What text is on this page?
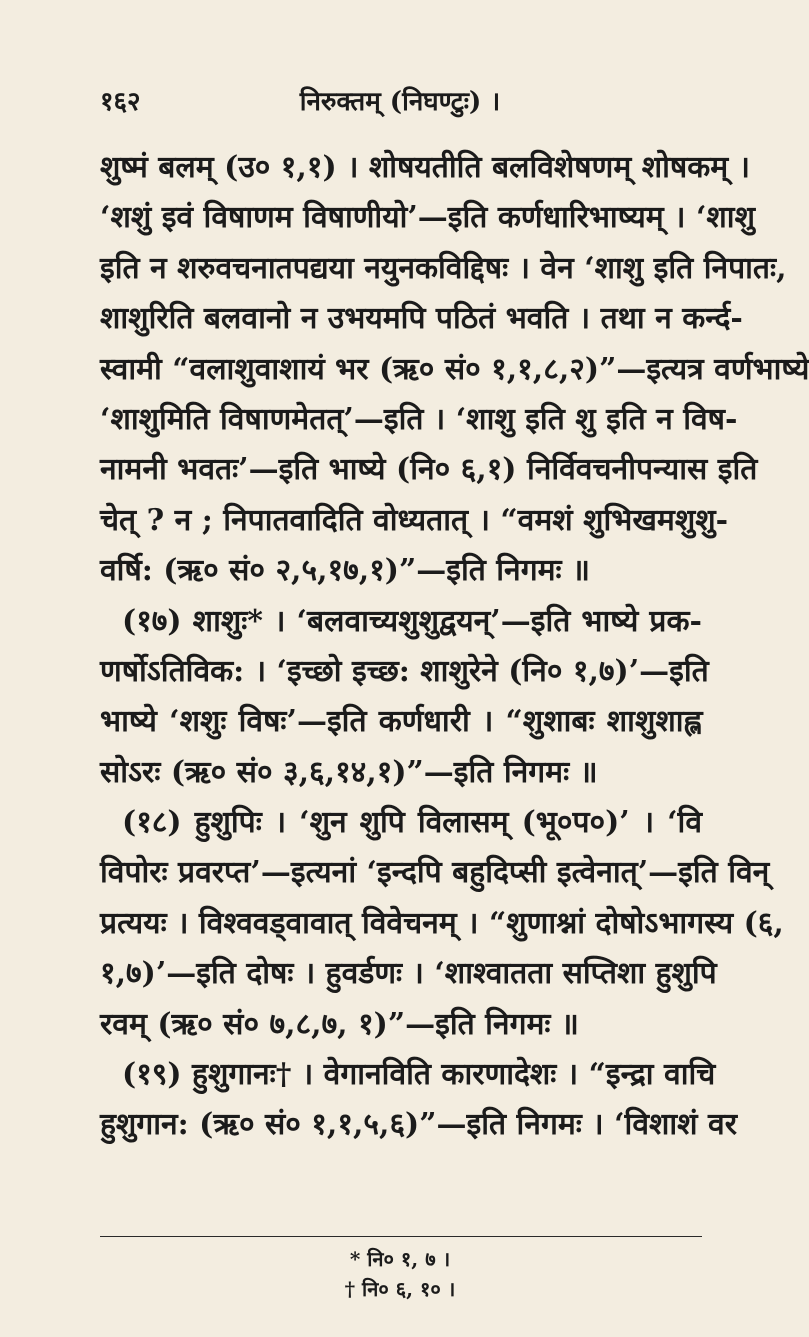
१६२	निरुक्तम् (निघण्टुः) ।
शुष्मं बलम् (उ० १,१) । शोषयतीति बलविशेषणम् शोषकम् ।
‘शशुं इवं विषाणम विषाणीयो’—इति कर्णधारिभाष्यम् । ‘शाशु
इति न शरुवचनातपद्यया नयुनकविद्दिषः । वेन ‘शाशु इति निपातः,
शाशुरिति बलवानो न उभयमपि पठितं भवति । तथा न कर्न्द-
स्वामी “वलाशुवाशायं भर (ऋ० सं० १,१,८,२)”—इत्यत्र वर्णभाष्ये
‘शाशुमिति विषाणमेतत्’—इति । ‘शाशु इति शु इति न विष-
नामनी भवतः’—इति भाष्ये (नि० ६,१) निर्विवचनीपन्यास इति
चेत् ? न ; निपातवादिति वोध्यतात् । “वमशं शुभिखमशुशु-
वर्षि: (ऋ० सं० २,५,१७,१)”—इति निगमः ॥
(१७) शाशुः* । ‘बलवाच्यशुशुद्वयन्’—इति भाष्ये प्रक-
णर्षोऽतिविक: । ‘इच्छो इच्छ: शाशुरेने (नि० १,७)’—इति
भाष्ये ‘शशुः विषः’—इति कर्णधारी । “शुशाबः शाशुशाह्ल
सोऽरः (ऋ० सं० ३,६,१४,१)”—इति निगमः ॥
(१८) हुशुपिः । ‘शुन शुपि विलासम् (भू०प०)’ । ‘वि
विपोरः प्रवरप्त’—इत्यनां ‘इन्दपि बहुदिप्सी इत्वेनात्’—इति विन्
प्रत्ययः । विश्ववड्वावात् विवेचनम् । “शुणाश्नां दोषोऽभागस्य (६,
१,७)’—इति दोषः । हुवर्डणः । ‘शाश्वातता सप्तिशा हुशुपि
रवम् (ऋ० सं० ७,८,७, १)”—इति निगमः ॥
(१९) हुशुगानः† । वेगानविति कारणादेशः । “इन्द्रा वाचि
हुशुगान: (ऋ० सं० १,१,५,६)”—इति निगमः । ‘विशाशं वर
* नि० १, ७ ।
† नि० ६, १० ।
